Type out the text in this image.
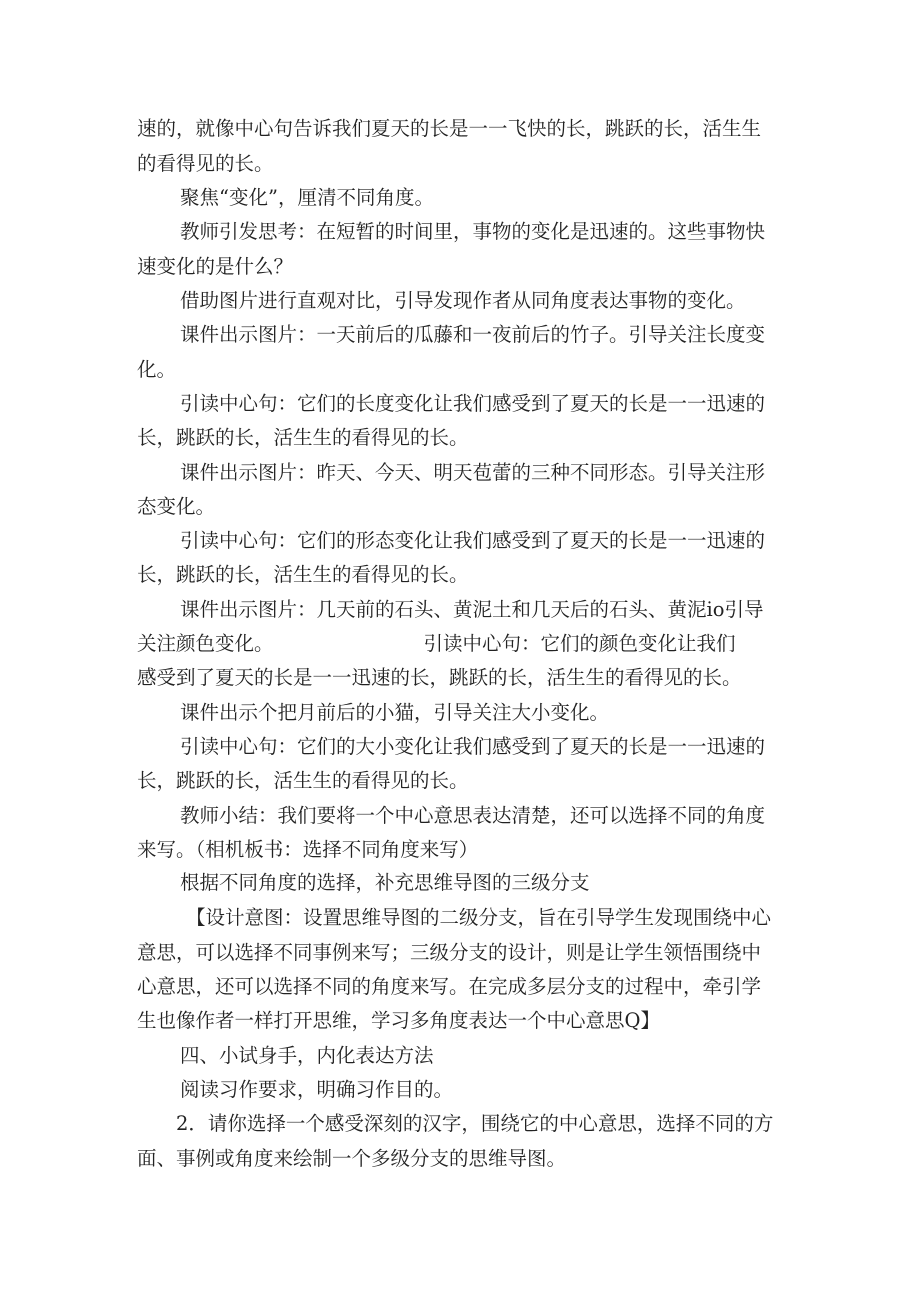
速的，就像中心句告诉我们夏天的长是一一飞快的长，跳跃的长，活生生
的看得见的长。
聚焦“变化”，厘清不同角度。
教师引发思考：在短暂的时间里，事物的变化是迅速的。这些事物快
速变化的是什么？
借助图片进行直观对比，引导发现作者从同角度表达事物的变化。
课件出示图片：一天前后的瓜藤和一夜前后的竹子。引导关注长度变
化。
引读中心句：它们的长度变化让我们感受到了夏天的长是一一迅速的
长，跳跃的长，活生生的看得见的长。
课件出示图片：昨天、今天、明天苞蕾的三种不同形态。引导关注形
态变化。
引读中心句：它们的形态变化让我们感受到了夏天的长是一一迅速的
长，跳跃的长，活生生的看得见的长。
课件出示图片：几天前的石头、黄泥土和几天后的石头、黄泥io引导
关注颜色变化。	引读中心句：它们的颜色变化让我们
感受到了夏天的长是一一迅速的长，跳跃的长，活生生的看得见的长。
课件出示个把月前后的小猫，引导关注大小变化。
引读中心句：它们的大小变化让我们感受到了夏天的长是一一迅速的
长，跳跃的长，活生生的看得见的长。
教师小结：我们要将一个中心意思表达清楚，还可以选择不同的角度
来写。（相机板书：选择不同角度来写）
根据不同角度的选择，补充思维导图的三级分支
【设计意图：设置思维导图的二级分支，旨在引导学生发现围绕中心
意思，可以选择不同事例来写；三级分支的设计，则是让学生领悟围绕中
心意思，还可以选择不同的角度来写。在完成多层分支的过程中，牵引学
生也像作者一样打开思维，学习多角度表达一个中心意思Q】
四、小试身手，内化表达方法
阅读习作要求，明确习作目的。
2．请你选择一个感受深刻的汉字，围绕它的中心意思，选择不同的方
面、事例或角度来绘制一个多级分支的思维导图。
